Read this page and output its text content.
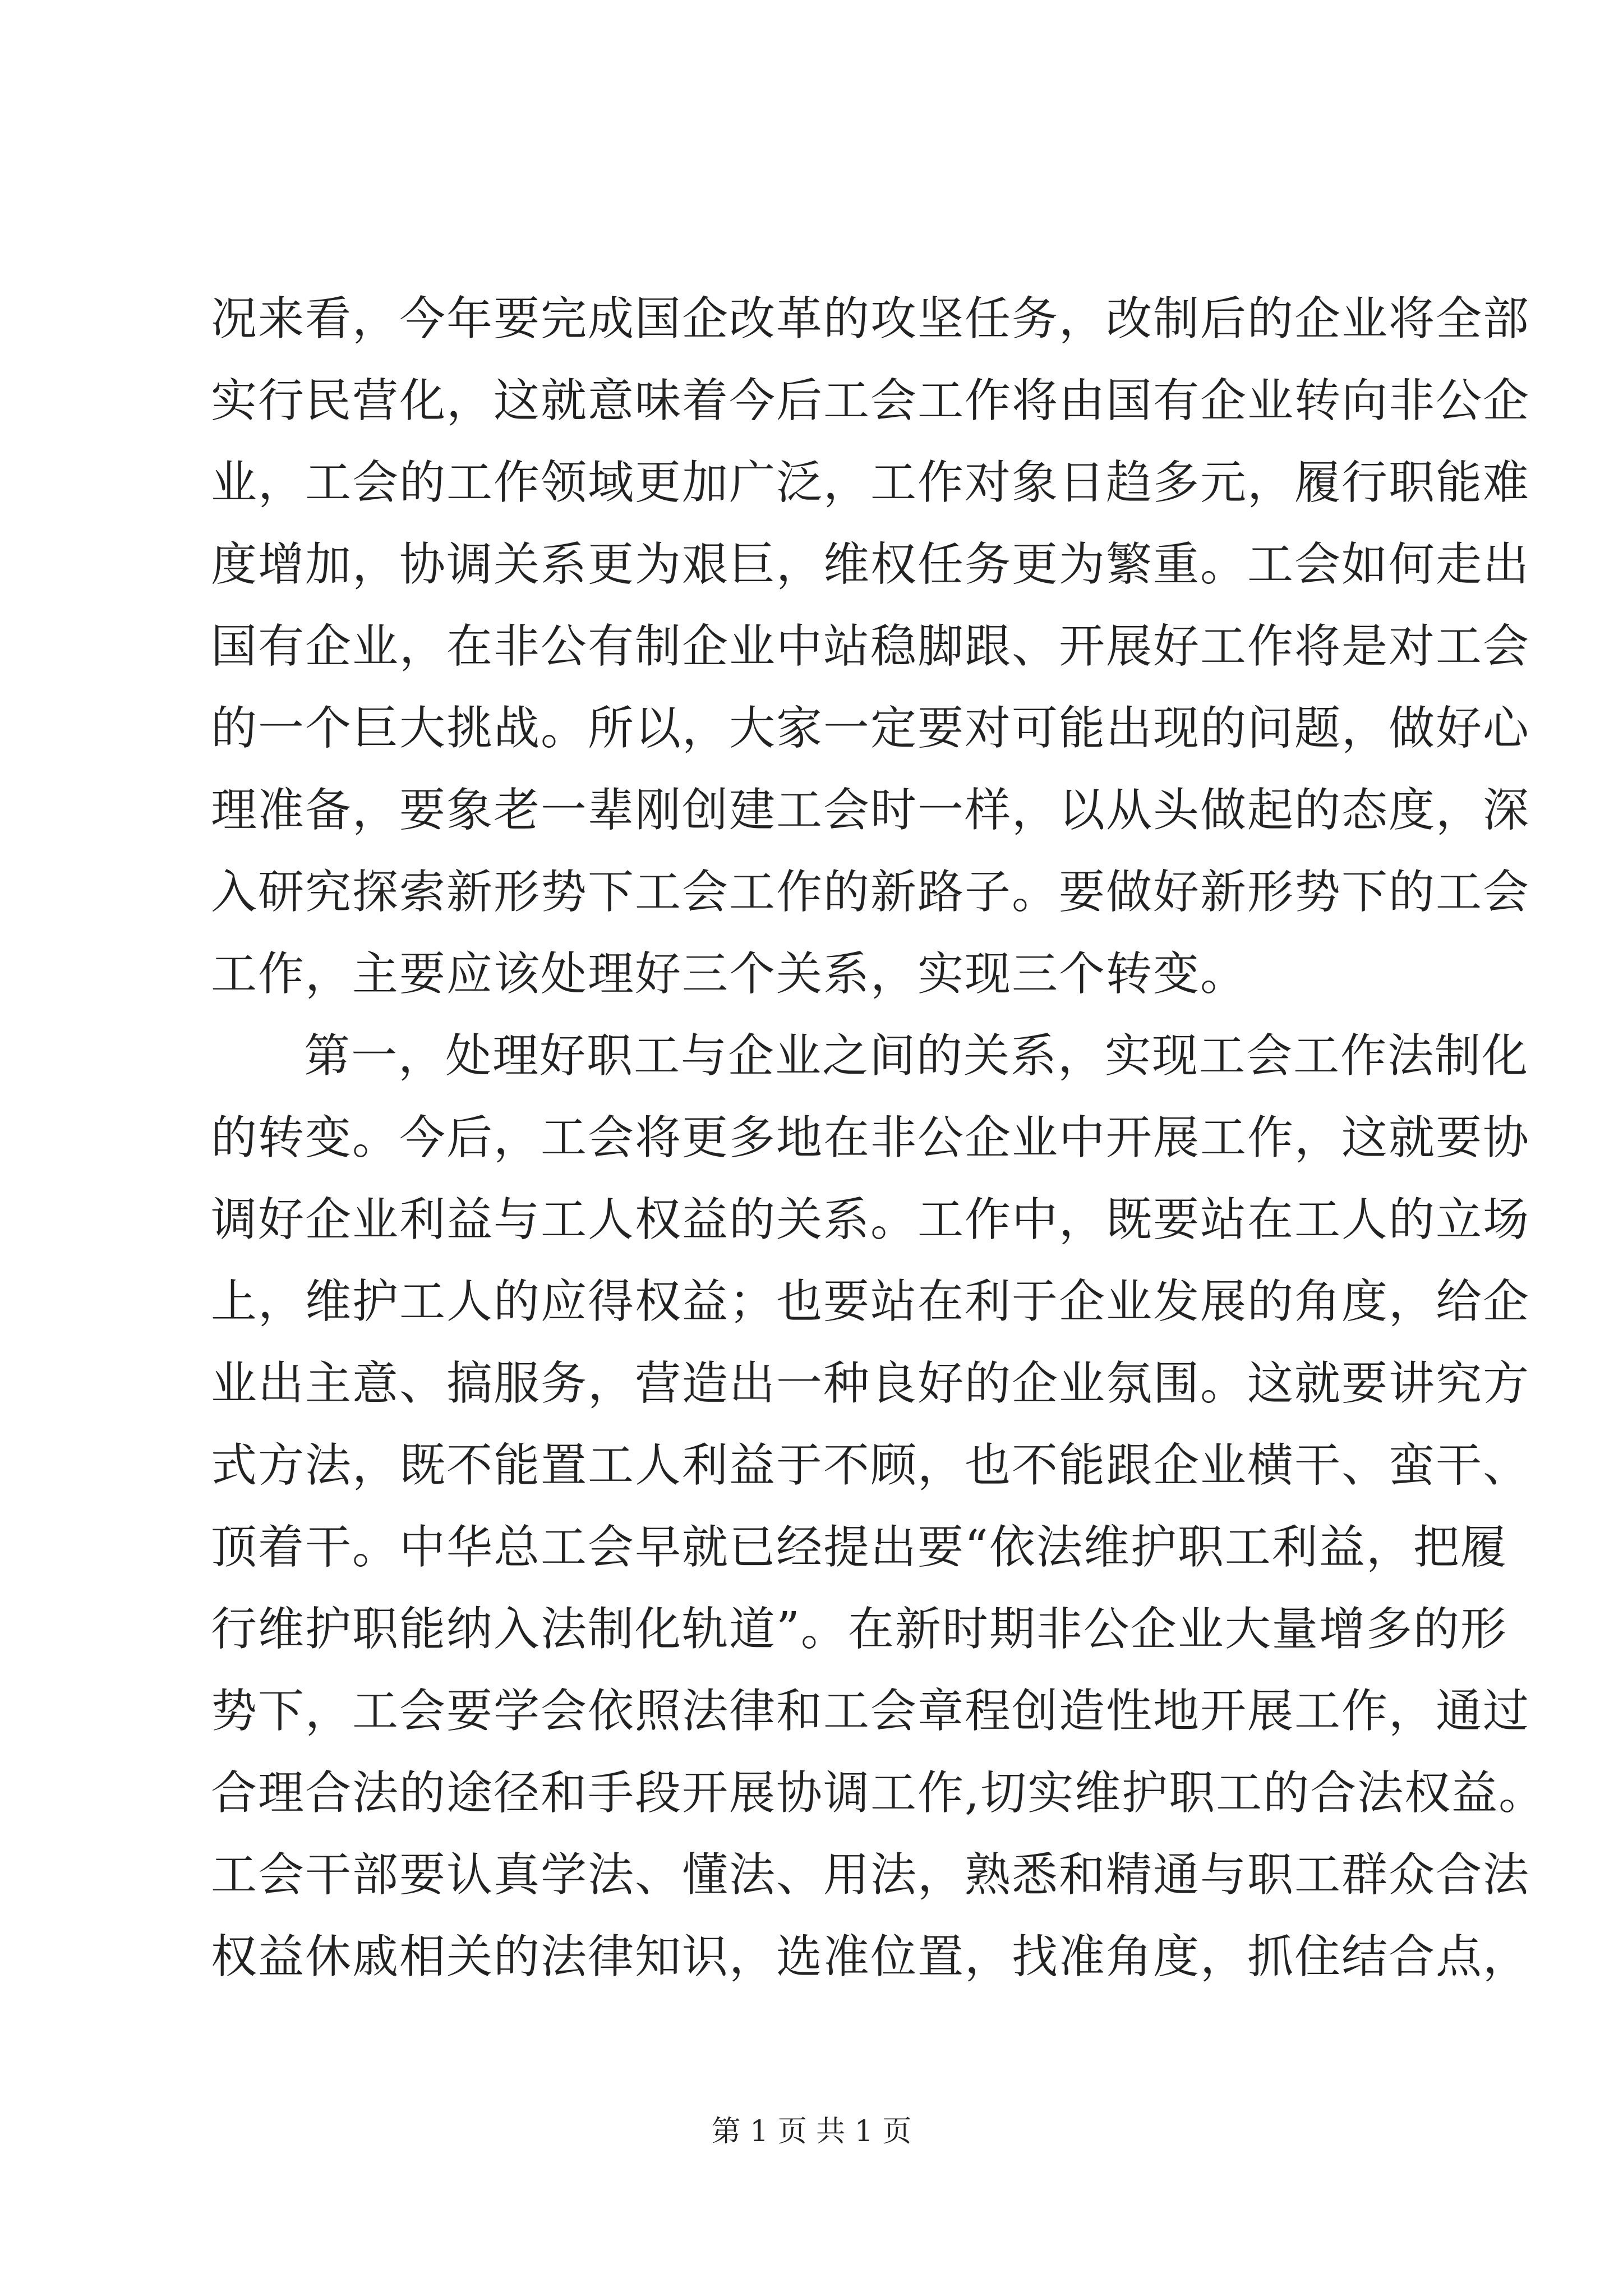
况来看，今年要完成国企改革的攻坚任务，改制后的企业将全部
实行民营化，这就意味着今后工会工作将由国有企业转向非公企
业，工会的工作领域更加广泛，工作对象日趋多元，履行职能难
度增加，协调关系更为艰巨，维权任务更为繁重。工会如何走出
国有企业，在非公有制企业中站稳脚跟、开展好工作将是对工会
的一个巨大挑战。所以，大家一定要对可能出现的问题，做好心
理准备，要象老一辈刚创建工会时一样，以从头做起的态度，深
入研究探索新形势下工会工作的新路子。要做好新形势下的工会
工作，主要应该处理好三个关系，实现三个转变。
第一，处理好职工与企业之间的关系，实现工会工作法制化
的转变。今后，工会将更多地在非公企业中开展工作，这就要协
调好企业利益与工人权益的关系。工作中，既要站在工人的立场
上，维护工人的应得权益；也要站在利于企业发展的角度，给企
业出主意、搞服务，营造出一种良好的企业氛围。这就要讲究方
式方法，既不能置工人利益于不顾，也不能跟企业横干、蛮干、
顶着干。中华总工会早就已经提出要“依法维护职工利益，把履
行维护职能纳入法制化轨道”。在新时期非公企业大量增多的形
势下，工会要学会依照法律和工会章程创造性地开展工作，通过
合理合法的途径和手段开展协调工作,切实维护职工的合法权益。
工会干部要认真学法、懂法、用法，熟悉和精通与职工群众合法
权益休戚相关的法律知识，选准位置，找准角度，抓住结合点，
第 1 页 共 1 页
